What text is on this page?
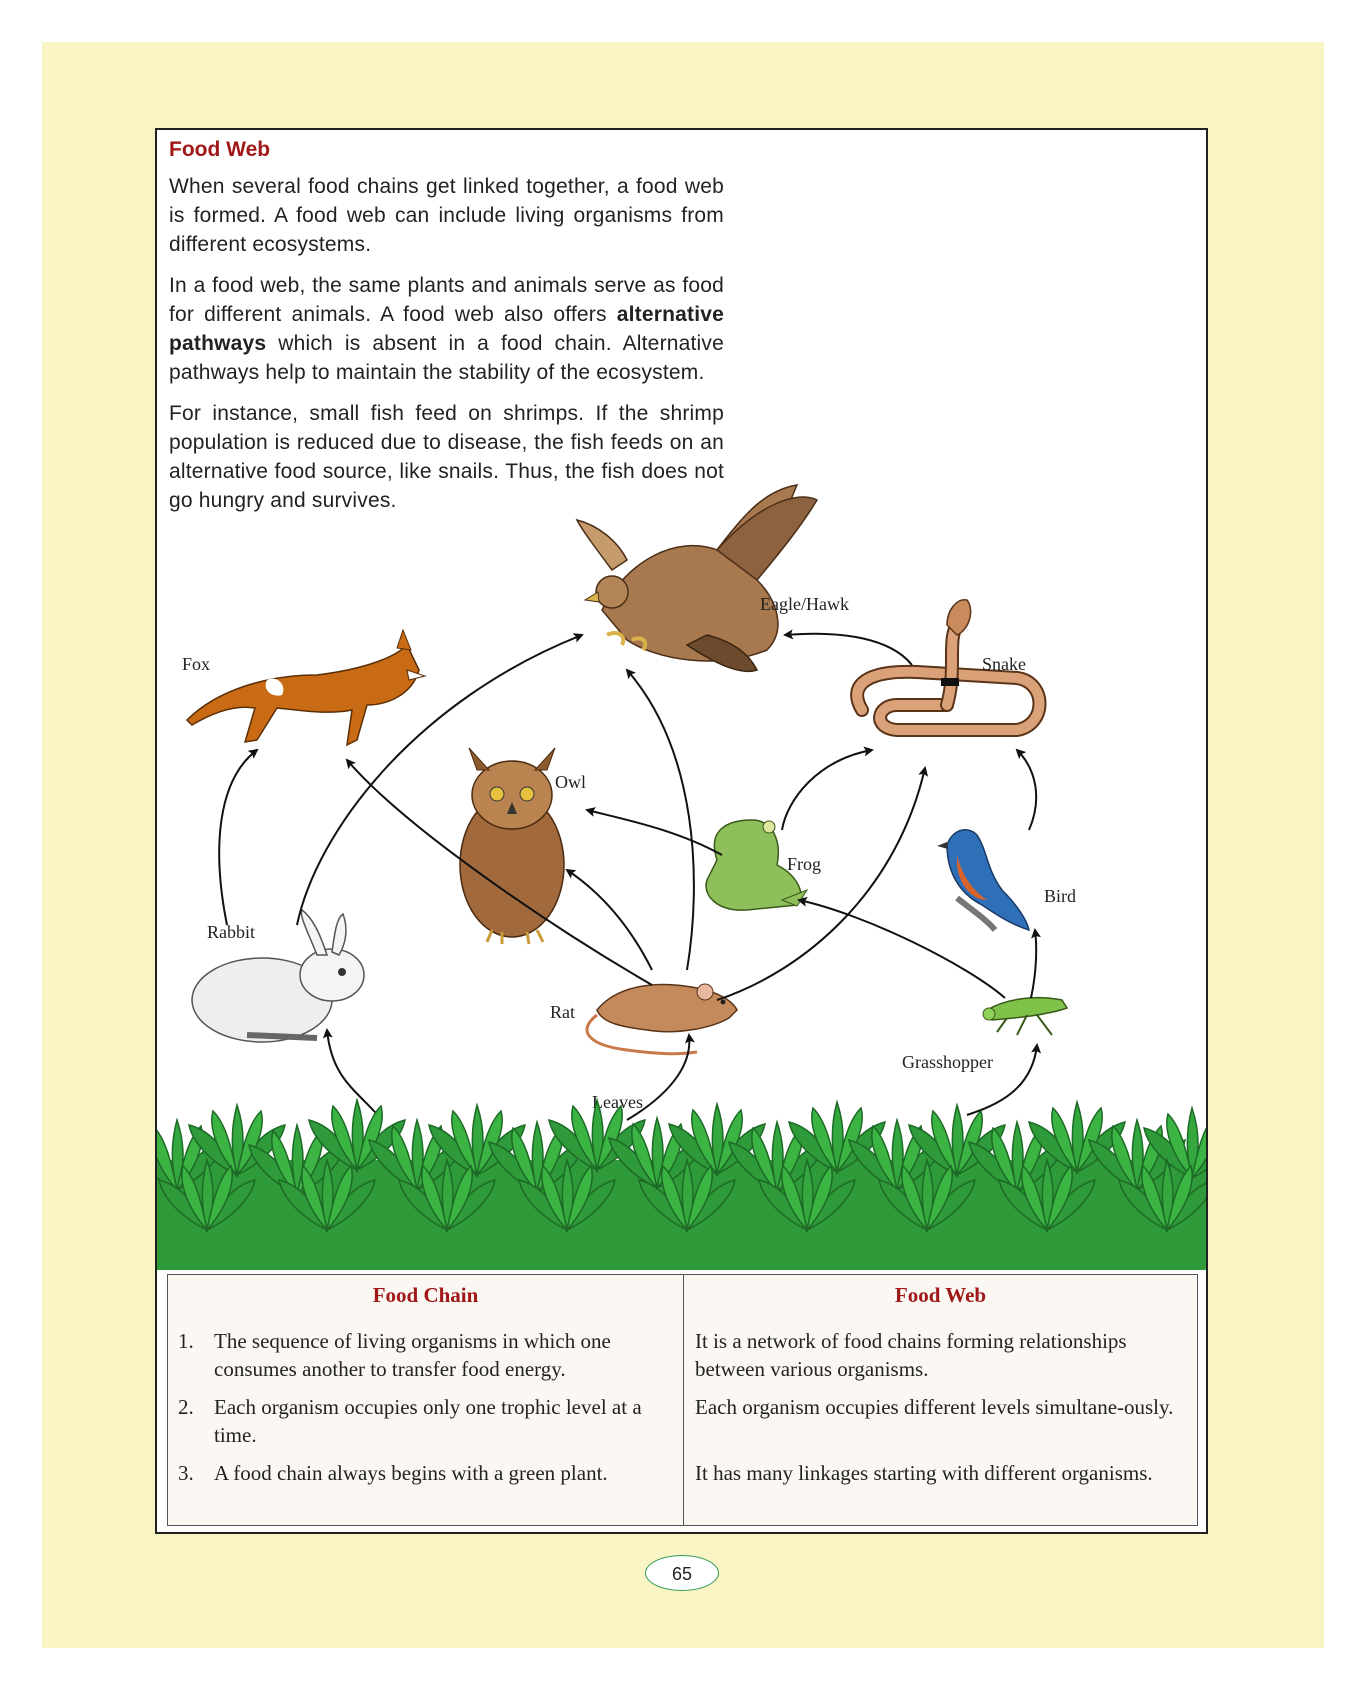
Food Web

When several food chains get linked together, a food web is formed. A food web can include living organisms from different ecosystems.

In a food web, the same plants and animals serve as food for different animals. A food web also offers alternative pathways which is absent in a food chain. Alternative pathways help to maintain the stability of the ecosystem.

For instance, small fish feed on shrimps. If the shrimp population is reduced due to disease, the fish feeds on an alternative food source, like snails. Thus, the fish does not go hungry and survives.

Eagle/Hawk
Fox	Snake
Owl
Frog
Bird
Rabbit
Rat
Grasshopper
Leaves
Food Chain
1. The sequence of living organisms in which one consumes another to transfer food energy.
2. Each organism occupies only one trophic level at a time.
3. A food chain always begins with a green plant.
Food Web
It is a network of food chains forming relationships between various organisms.
Each organism occupies different levels simultane-ously.
It has many linkages starting with different organisms.
65
